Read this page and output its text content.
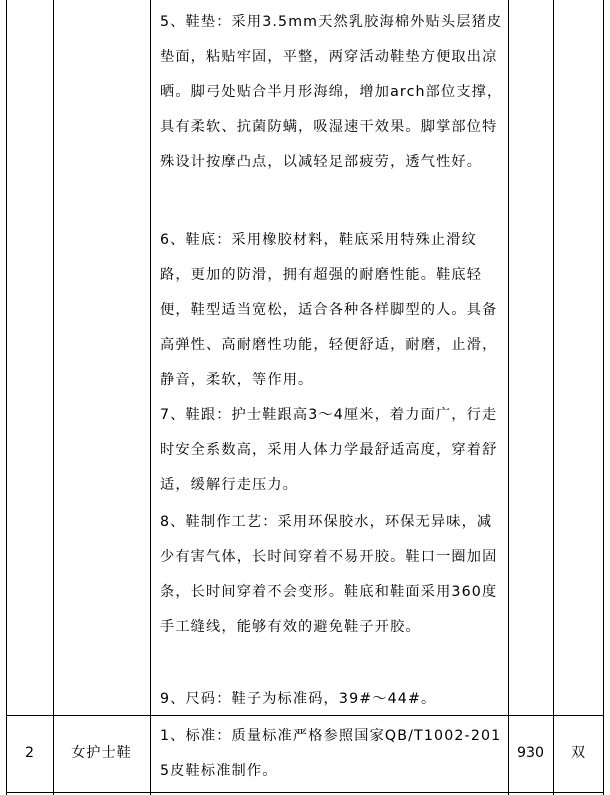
5、鞋垫：采用3.5mm天然乳胶海棉外贴头层猪皮垫面，粘贴牢固，平整，两穿活动鞋垫方便取出凉晒。脚弓处贴合半月形海绵，增加arch部位支撑，具有柔软、抗菌防螨，吸湿速干效果。脚掌部位特殊设计按摩凸点，以减轻足部疲劳，透气性好。
6、鞋底：采用橡胶材料，鞋底采用特殊止滑纹路，更加的防滑，拥有超强的耐磨性能。鞋底轻便，鞋型适当宽松，适合各种各样脚型的人。具备高弹性、高耐磨性功能，轻便舒适，耐磨，止滑，静音，柔软，等作用。
7、鞋跟：护士鞋跟高3～4厘米，着力面广，行走时安全系数高，采用人体力学最舒适高度，穿着舒适，缓解行走压力。
8、鞋制作工艺：采用环保胶水，环保无异味，减少有害气体，长时间穿着不易开胶。鞋口一圈加固条，长时间穿着不会变形。鞋底和鞋面采用360度手工缝线，能够有效的避免鞋子开胶。
9、尺码：鞋子为标准码，39#～44#。
2	女护士鞋
1、标准：质量标准严格参照国家QB/T1002-2015皮鞋标准制作。
930	双
